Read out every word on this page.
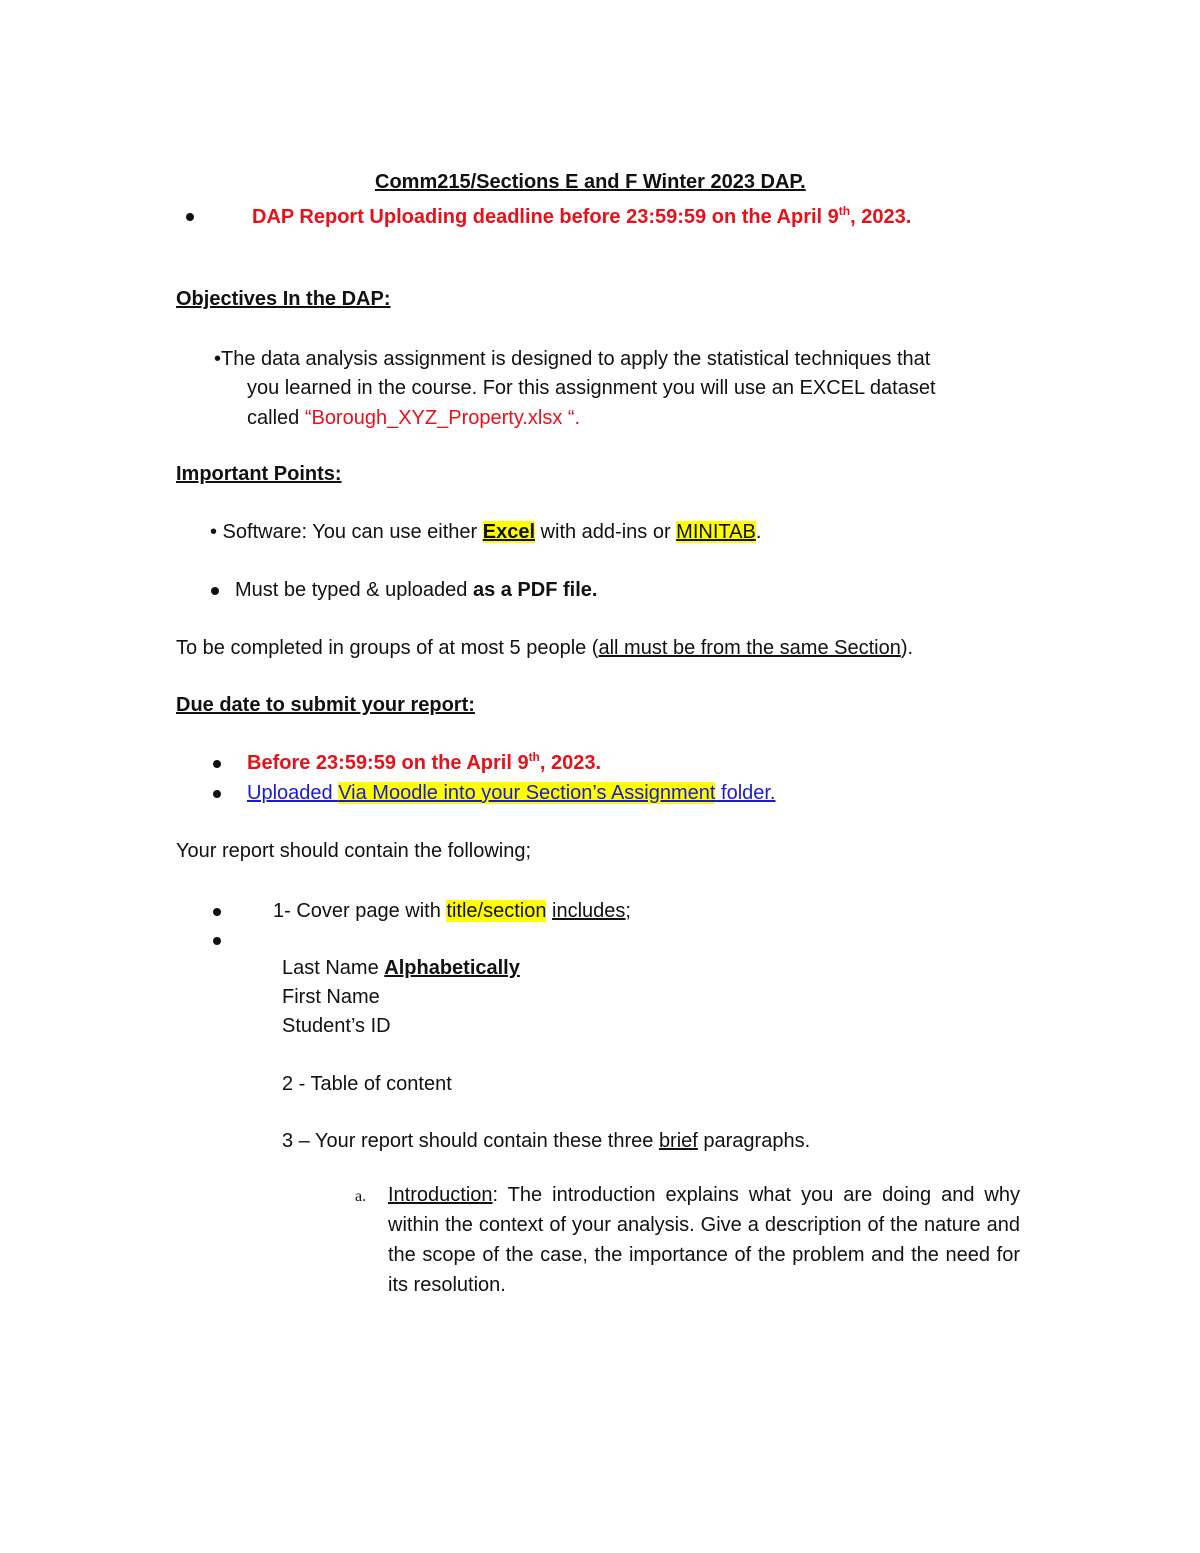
Comm215/Sections E and F Winter 2023 DAP.
DAP Report Uploading deadline before 23:59:59 on the April 9th, 2023.
Objectives In the DAP:
•The data analysis assignment is designed to apply the statistical techniques that
you learned in the course. For this assignment you will use an EXCEL dataset
called “Borough_XYZ_Property.xlsx “.
Important Points:
• Software: You can use either Excel with add-ins or MINITAB.
Must be typed & uploaded as a PDF file.
To be completed in groups of at most 5 people (all must be from the same Section).
Due date to submit your report:
Before 23:59:59 on the April 9th, 2023.
Uploaded Via Moodle into your Section’s Assignment folder.
Your report should contain the following;
1- Cover page with title/section includes;
Last Name Alphabetically
First Name
Student’s ID
2 - Table of content
3 – Your report should contain these three brief paragraphs.
a. Introduction: The introduction explains what you are doing and why within the context of your analysis. Give a description of the nature and the scope of the case, the importance of the problem and the need for its resolution.
